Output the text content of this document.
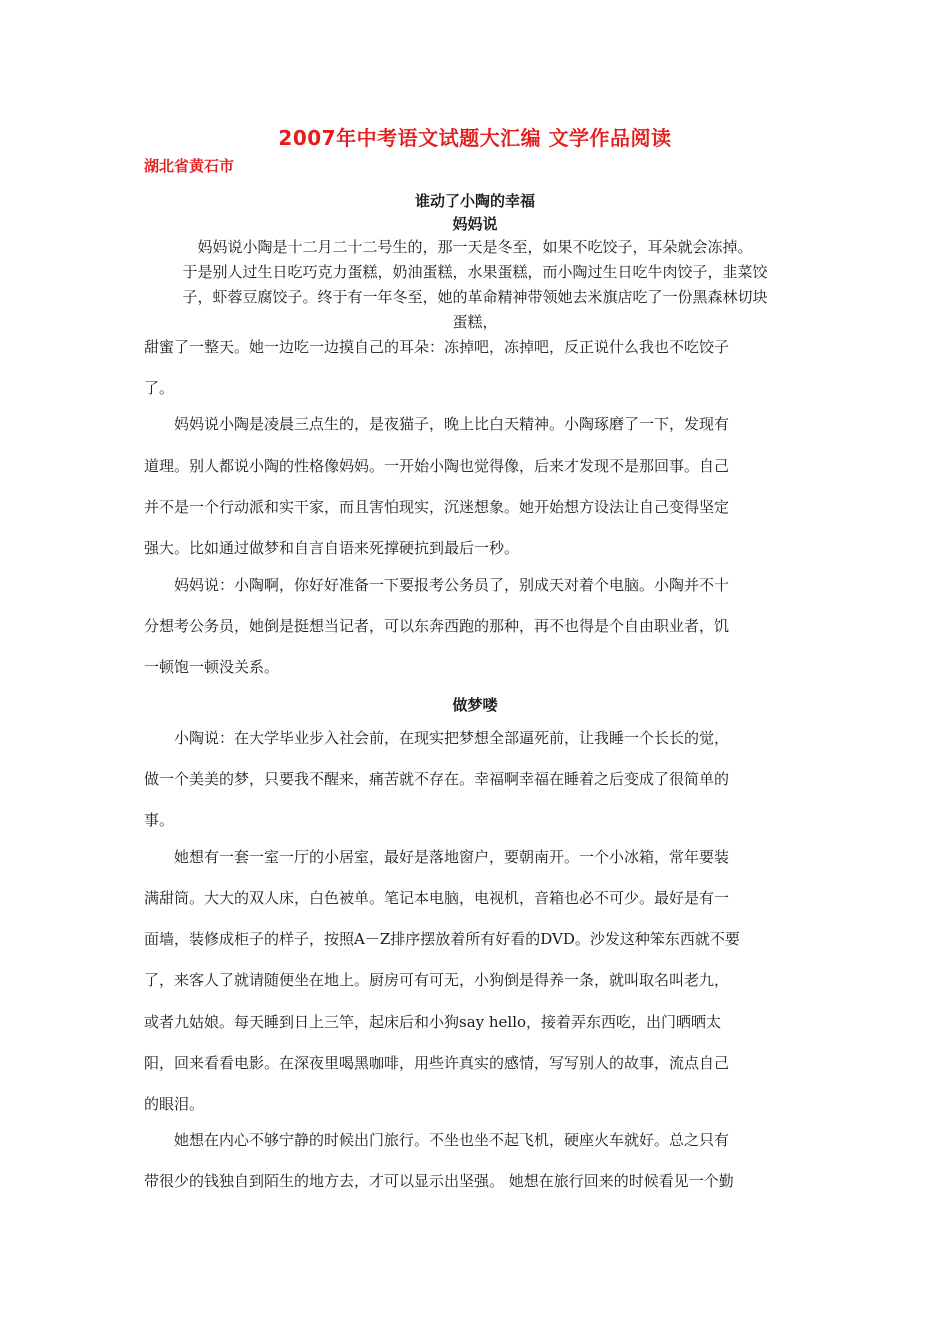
2007年中考语文试题大汇编 文学作品阅读
湖北省黄石市
谁动了小陶的幸福
妈妈说
妈妈说小陶是十二月二十二号生的，那一天是冬至，如果不吃饺子，耳朵就会冻掉。
于是别人过生日吃巧克力蛋糕，奶油蛋糕，水果蛋糕，而小陶过生日吃牛肉饺子，韭菜饺
子，虾蓉豆腐饺子。终于有一年冬至，她的革命精神带领她去米旗店吃了一份黑森林切块
蛋糕，
甜蜜了一整天。她一边吃一边摸自己的耳朵：冻掉吧，冻掉吧，反正说什么我也不吃饺子
了。
　　妈妈说小陶是凌晨三点生的，是夜猫子，晚上比白天精神。小陶琢磨了一下，发现有
道理。别人都说小陶的性格像妈妈。一开始小陶也觉得像，后来才发现不是那回事。自己
并不是一个行动派和实干家，而且害怕现实，沉迷想象。她开始想方设法让自己变得坚定
强大。比如通过做梦和自言自语来死撑硬抗到最后一秒。
　　妈妈说：小陶啊，你好好准备一下要报考公务员了，别成天对着个电脑。小陶并不十
分想考公务员，她倒是挺想当记者，可以东奔西跑的那种，再不也得是个自由职业者，饥
一顿饱一顿没关系。
做梦喽
　　小陶说：在大学毕业步入社会前，在现实把梦想全部逼死前，让我睡一个长长的觉，
做一个美美的梦，只要我不醒来，痛苦就不存在。幸福啊幸福在睡着之后变成了很简单的
事。
　　她想有一套一室一厅的小居室，最好是落地窗户，要朝南开。一个小冰箱，常年要装
满甜筒。大大的双人床，白色被单。笔记本电脑，电视机，音箱也必不可少。最好是有一
面墙，装修成柜子的样子，按照A－Z排序摆放着所有好看的DVD。沙发这种笨东西就不要
了，来客人了就请随便坐在地上。厨房可有可无，小狗倒是得养一条，就叫取名叫老九，
或者九姑娘。每天睡到日上三竿，起床后和小狗say hello，接着弄东西吃，出门晒晒太
阳，回来看看电影。在深夜里喝黑咖啡，用些许真实的感情，写写别人的故事，流点自己
的眼泪。
　　她想在内心不够宁静的时候出门旅行。不坐也坐不起飞机，硬座火车就好。总之只有
带很少的钱独自到陌生的地方去，才可以显示出坚强。 她想在旅行回来的时候看见一个勤
